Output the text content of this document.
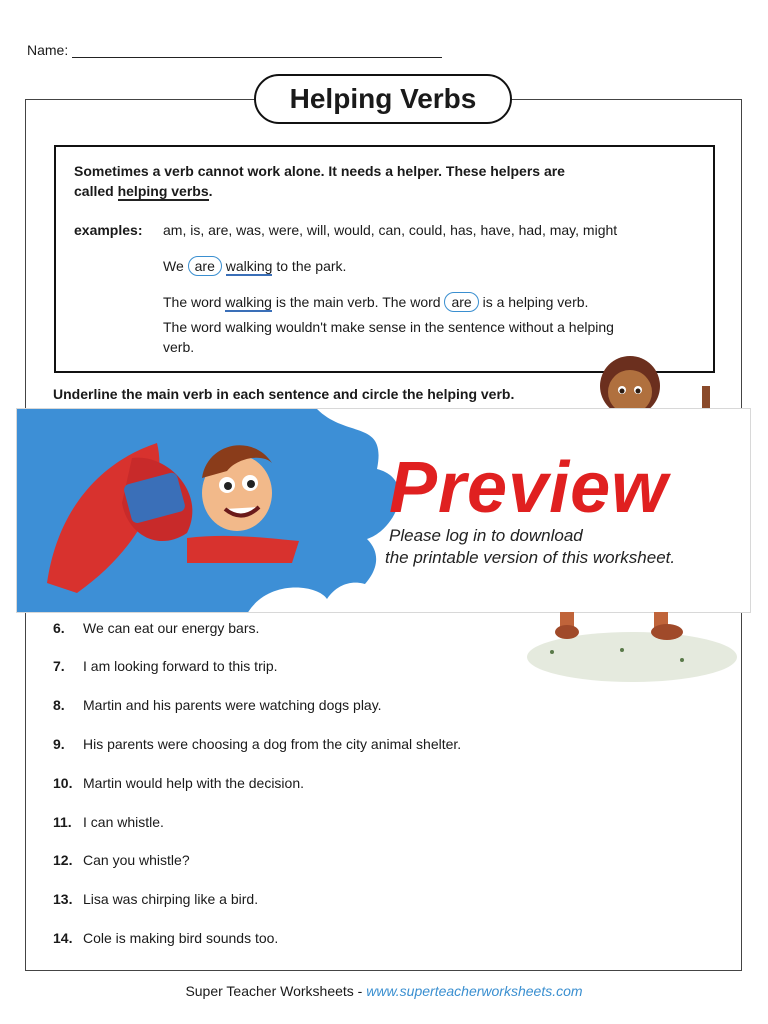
Name:
Helping Verbs
Sometimes a verb cannot work alone. It needs a helper. These helpers are
called helping verbs.
examples: am, is, are, was, were, will, would, can, could, has, have, had, may, might
We are walking to the park.
The word walking is the main verb. The word are is a helping verb.
The word walking wouldn't make sense in the sentence without a helping
verb.
Underline the main verb in each sentence and circle the helping verb.
Preview
Please log in to download
the printable version of this worksheet.
6. We can eat our energy bars.
7. I am looking forward to this trip.
8. Martin and his parents were watching dogs play.
9. His parents were choosing a dog from the city animal shelter.
10. Martin would help with the decision.
11. I can whistle.
12. Can you whistle?
13. Lisa was chirping like a bird.
14. Cole is making bird sounds too.
Super Teacher Worksheets - www.superteacherworksheets.com
